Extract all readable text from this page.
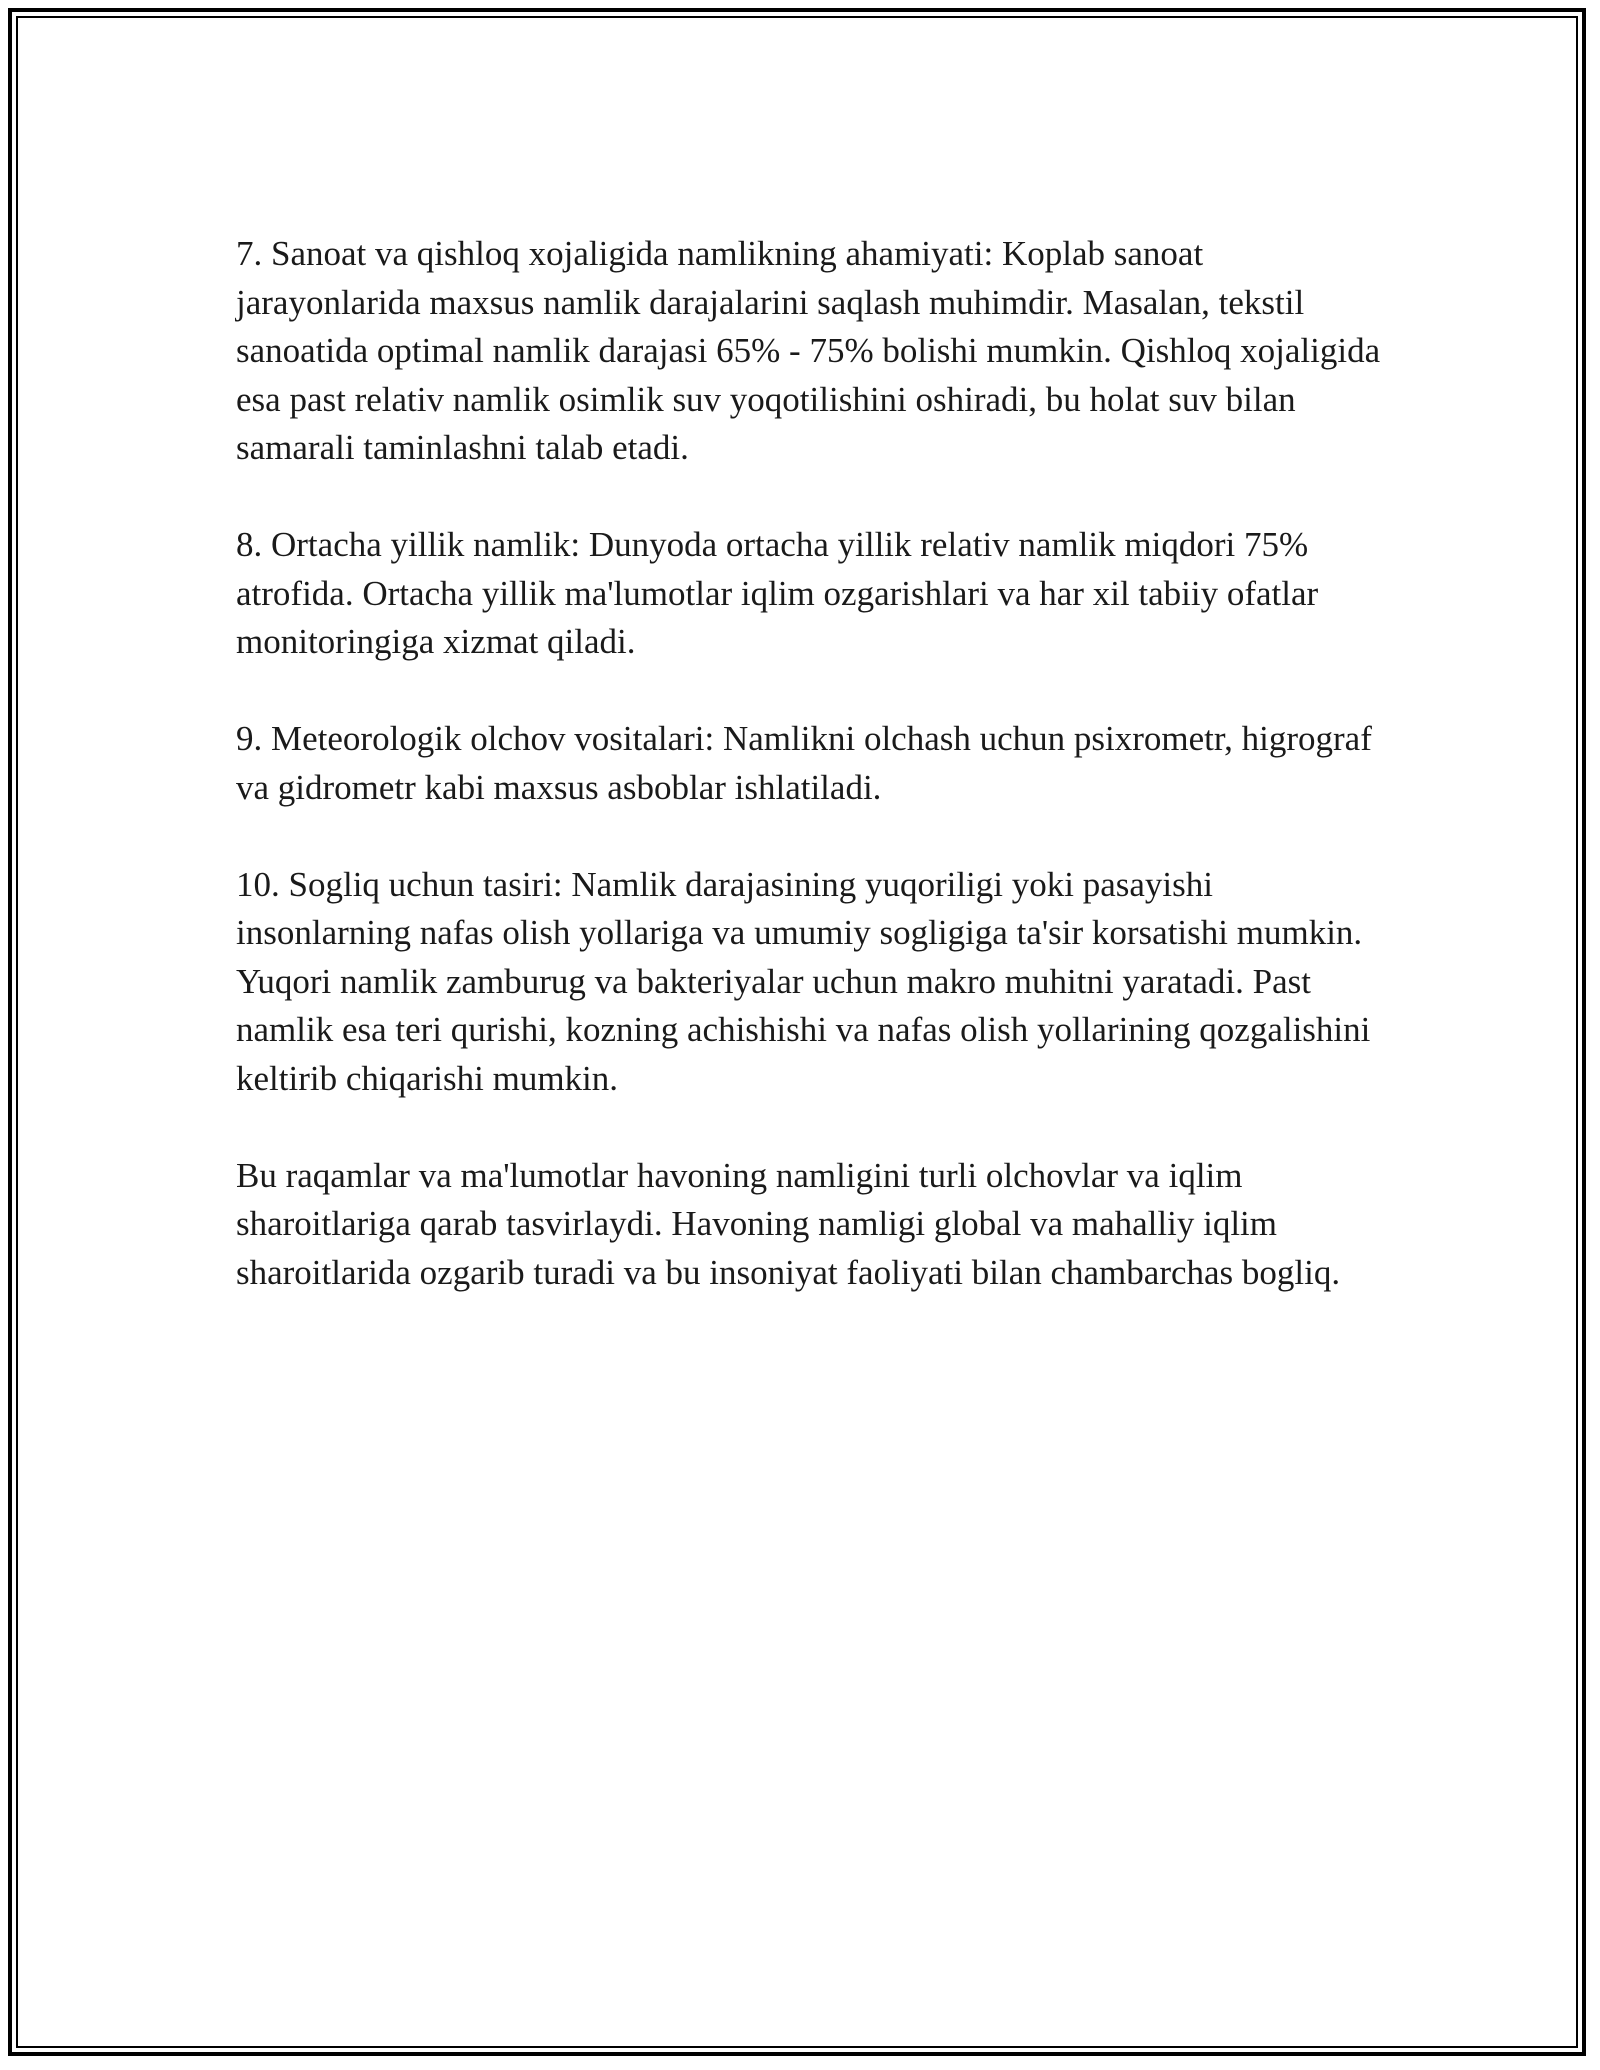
7. Sanoat va qishloq xojaligida namlikning ahamiyati: Koplab sanoat jarayonlarida maxsus namlik darajalarini saqlash muhimdir. Masalan, tekstil sanoatida optimal namlik darajasi 65% - 75% bolishi mumkin. Qishloq xojaligida esa past relativ namlik osimlik suv yoqotilishini oshiradi, bu holat suv bilan samarali taminlashni talab etadi.

8. Ortacha yillik namlik: Dunyoda ortacha yillik relativ namlik miqdori 75% atrofida. Ortacha yillik ma'lumotlar iqlim ozgarishlari va har xil tabiiy ofatlar monitoringiga xizmat qiladi.

9. Meteorologik olchov vositalari: Namlikni olchash uchun psixrometr, higrograf va gidrometr kabi maxsus asboblar ishlatiladi.

10. Sogliq uchun tasiri: Namlik darajasining yuqoriligi yoki pasayishi insonlarning nafas olish yollariga va umumiy sogligiga ta'sir korsatishi mumkin. Yuqori namlik zamburug va bakteriyalar uchun makro muhitni yaratadi. Past namlik esa teri qurishi, kozning achishishi va nafas olish yollarining qozgalishini keltirib chiqarishi mumkin.

Bu raqamlar va ma'lumotlar havoning namligini turli olchovlar va iqlim sharoitlariga qarab tasvirlaydi. Havoning namligi global va mahalliy iqlim sharoitlarida ozgarib turadi va bu insoniyat faoliyati bilan chambarchas bogliq.
